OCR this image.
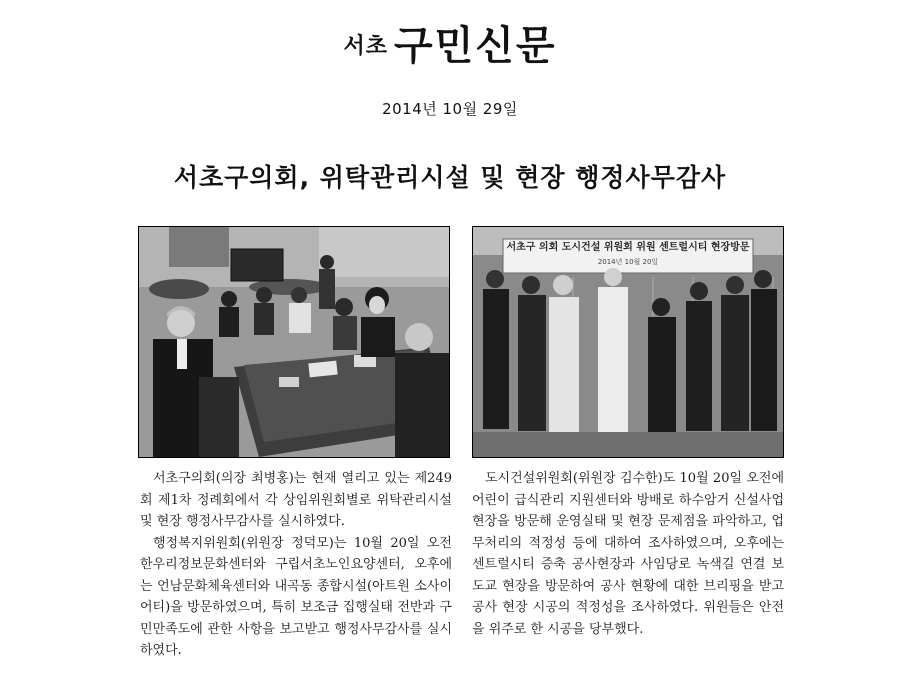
서초 구민신문
2014년 10월 29일
서초구의회, 위탁관리시설 및 현장 행정사무감사
서초구 의회 도시건설 위원회 위원 센트럴시티 현장방문
2014년 10월 20일

서초구의회(의장 최병홍)는 현재 열리고 있는 제249회 제1차 정례회에서 각 상임위원회별로 위탁관리시설 및 현장 행정사무감사를 실시하였다.

행정복지위원회(위원장 정덕모)는 10월 20일 오전 한우리정보문화센터와 구립서초노인요양센터, 오후에는 언남문화체육센터와 내곡동 종합시설(아트원 소사이어티)을 방문하였으며, 특히 보조금 집행실태 전반과 구민만족도에 관한 사항을 보고받고 행정사무감사를 실시하였다.

도시건설위원회(위원장 김수한)도 10월 20일 오전에 어린이 급식관리 지원센터와 방배로 하수암거 신설사업 현장을 방문해 운영실태 및 현장 문제점을 파악하고, 업무처리의 적정성 등에 대하여 조사하였으며, 오후에는 센트럴시티 증축 공사현장과 사임당로 녹색길 연결 보도교 현장을 방문하여 공사 현황에 대한 브리핑을 받고 공사 현장 시공의 적정성을 조사하였다. 위원들은 안전을 위주로 한 시공을 당부했다.
